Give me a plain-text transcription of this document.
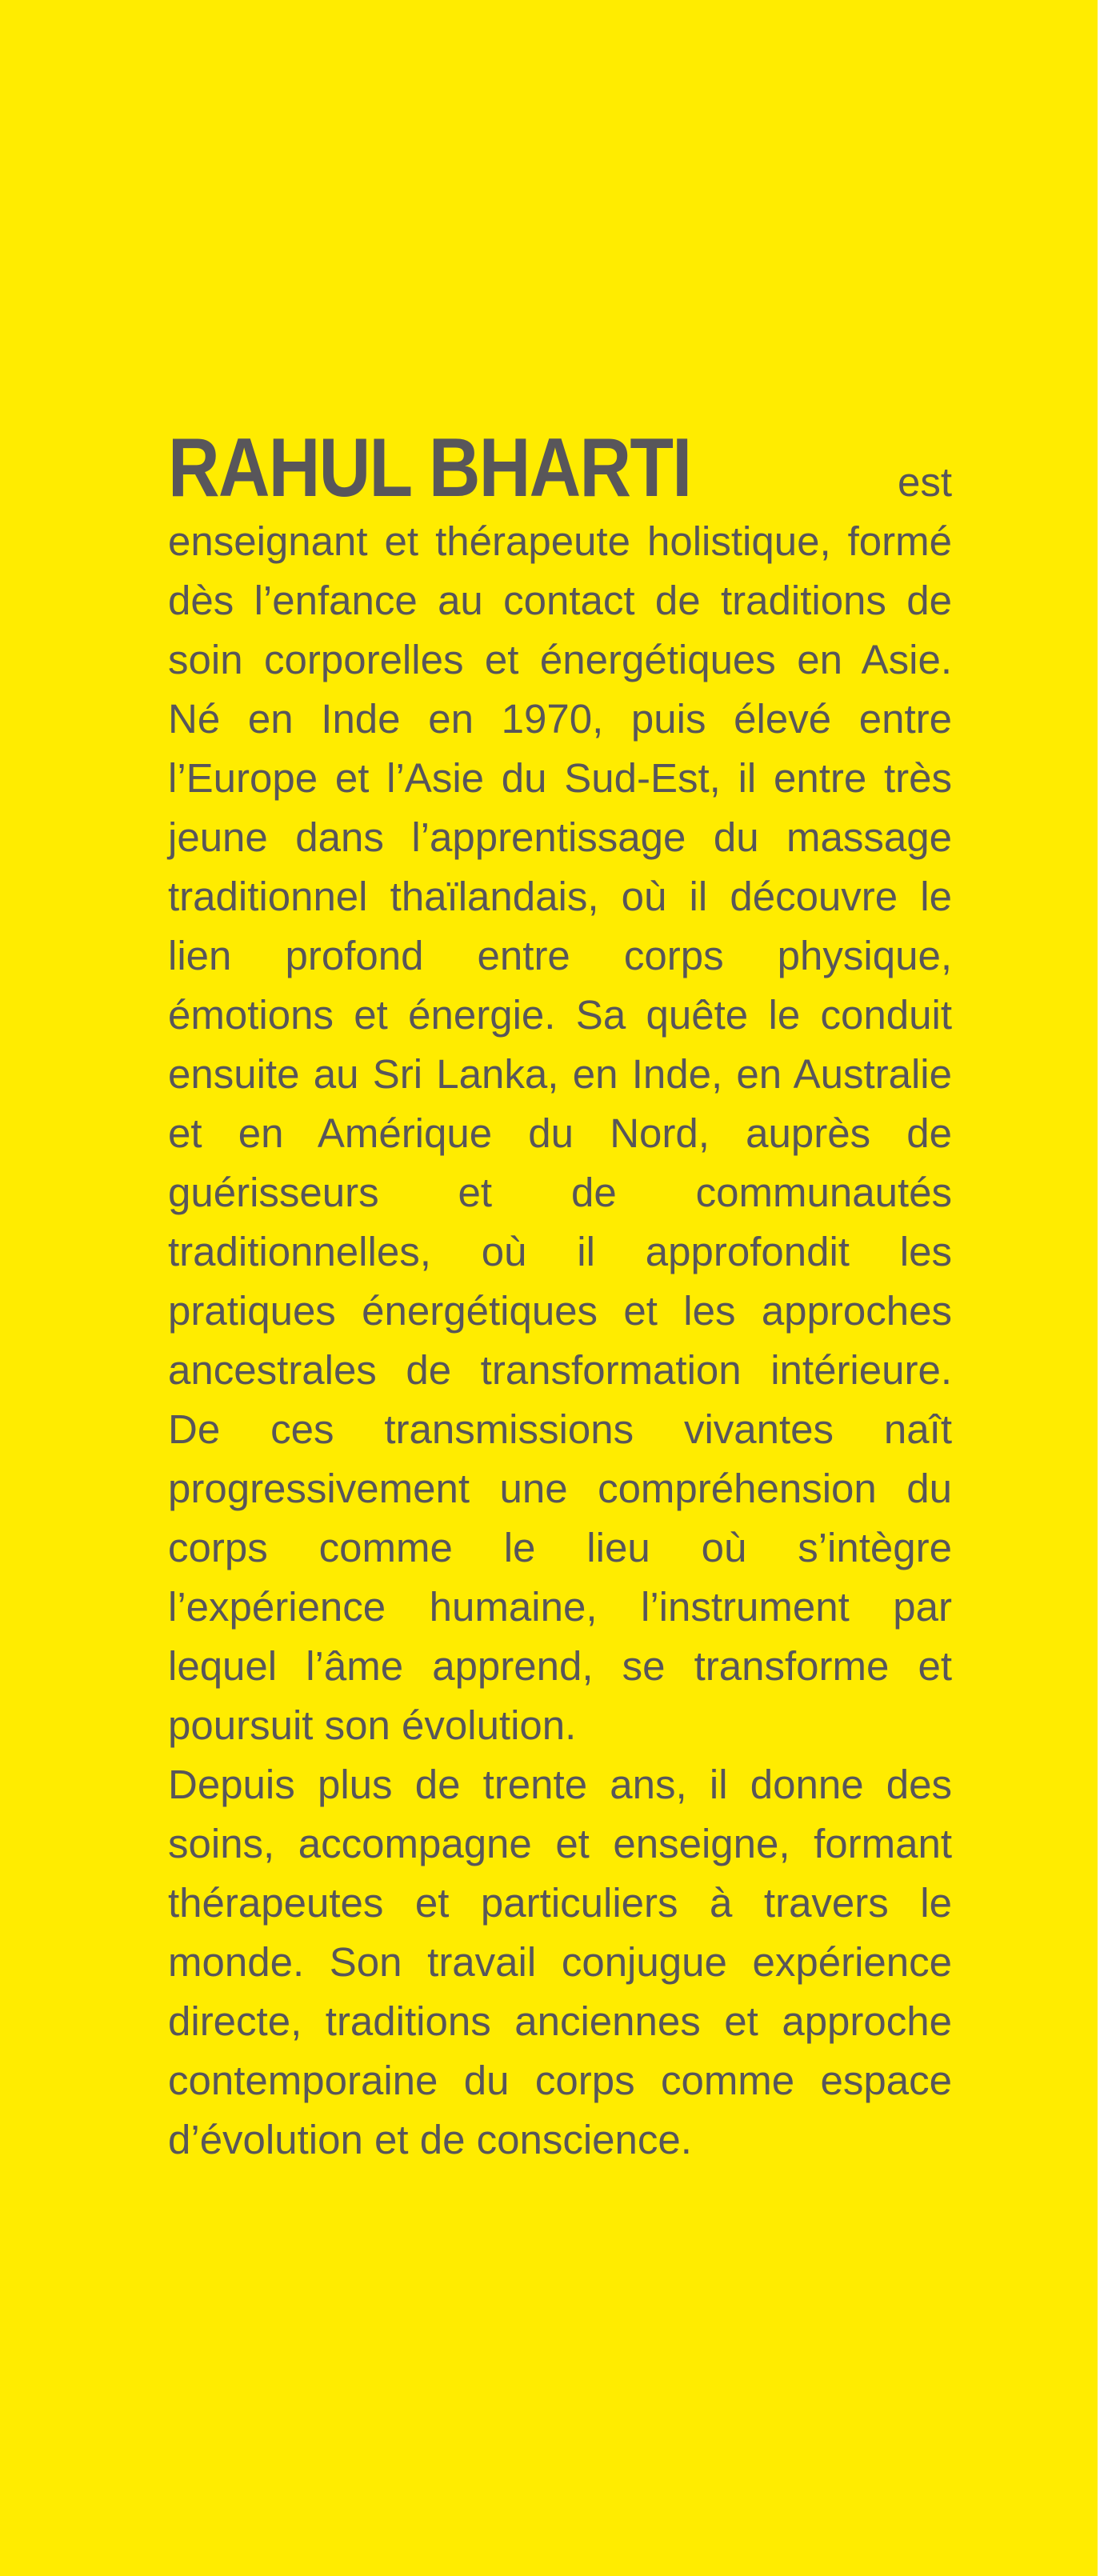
RAHUL BHARTI est enseignant et thérapeute holistique, formé dès l’enfance au contact de traditions de soin corporelles et énergétiques en Asie. Né en Inde en 1970, puis élevé entre l’Europe et l’Asie du Sud-Est, il entre très jeune dans l’apprentissage du massage traditionnel thaïlandais, où il découvre le lien profond entre corps physique, émotions et énergie. Sa quête le conduit ensuite au Sri Lanka, en Inde, en Australie et en Amérique du Nord, auprès de guérisseurs et de communautés traditionnelles, où il approfondit les pratiques énergétiques et les approches ancestrales de transformation intérieure. De ces transmissions vivantes naît progressivement une compréhension du corps comme le lieu où s’intègre l’expérience humaine, l’instrument par lequel l’âme apprend, se transforme et poursuit son évolution.

Depuis plus de trente ans, il donne des soins, accompagne et enseigne, formant thérapeutes et particuliers à travers le monde. Son travail conjugue expérience directe, traditions anciennes et approche contemporaine du corps comme espace d’évolution et de conscience.
